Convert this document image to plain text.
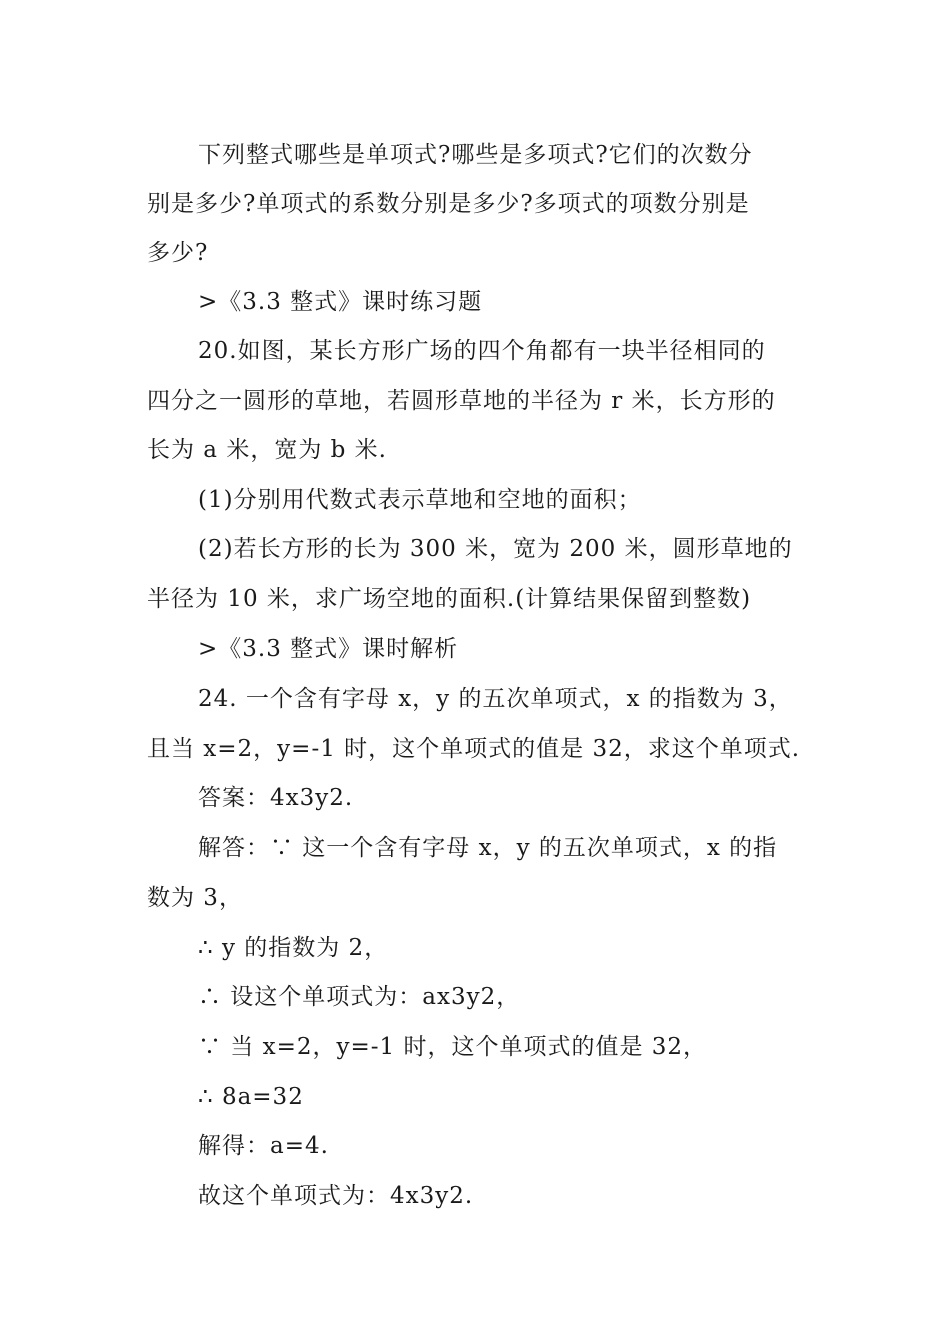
下列整式哪些是单项式?哪些是多项式?它们的次数分
别是多少?单项式的系数分别是多少?多项式的项数分别是
多少?
>《3.3 整式》课时练习题
20.如图，某长方形广场的四个角都有一块半径相同的
四分之一圆形的草地，若圆形草地的半径为 r 米，长方形的
长为 a 米，宽为 b 米.
(1)分别用代数式表示草地和空地的面积；
(2)若长方形的长为 300 米，宽为 200 米，圆形草地的
半径为 10 米，求广场空地的面积.(计算结果保留到整数)
>《3.3 整式》课时解析
24. 一个含有字母 x，y 的五次单项式，x 的指数为 3，
且当 x=2，y=-1 时，这个单项式的值是 32，求这个单项式.
答案：4x3y2.
解答：∵ 这一个含有字母 x，y 的五次单项式，x 的指
数为 3，
∴ y 的指数为 2，
∴ 设这个单项式为：ax3y2，
∵ 当 x=2，y=-1 时，这个单项式的值是 32，
∴ 8a=32
解得：a=4.
故这个单项式为：4x3y2.
